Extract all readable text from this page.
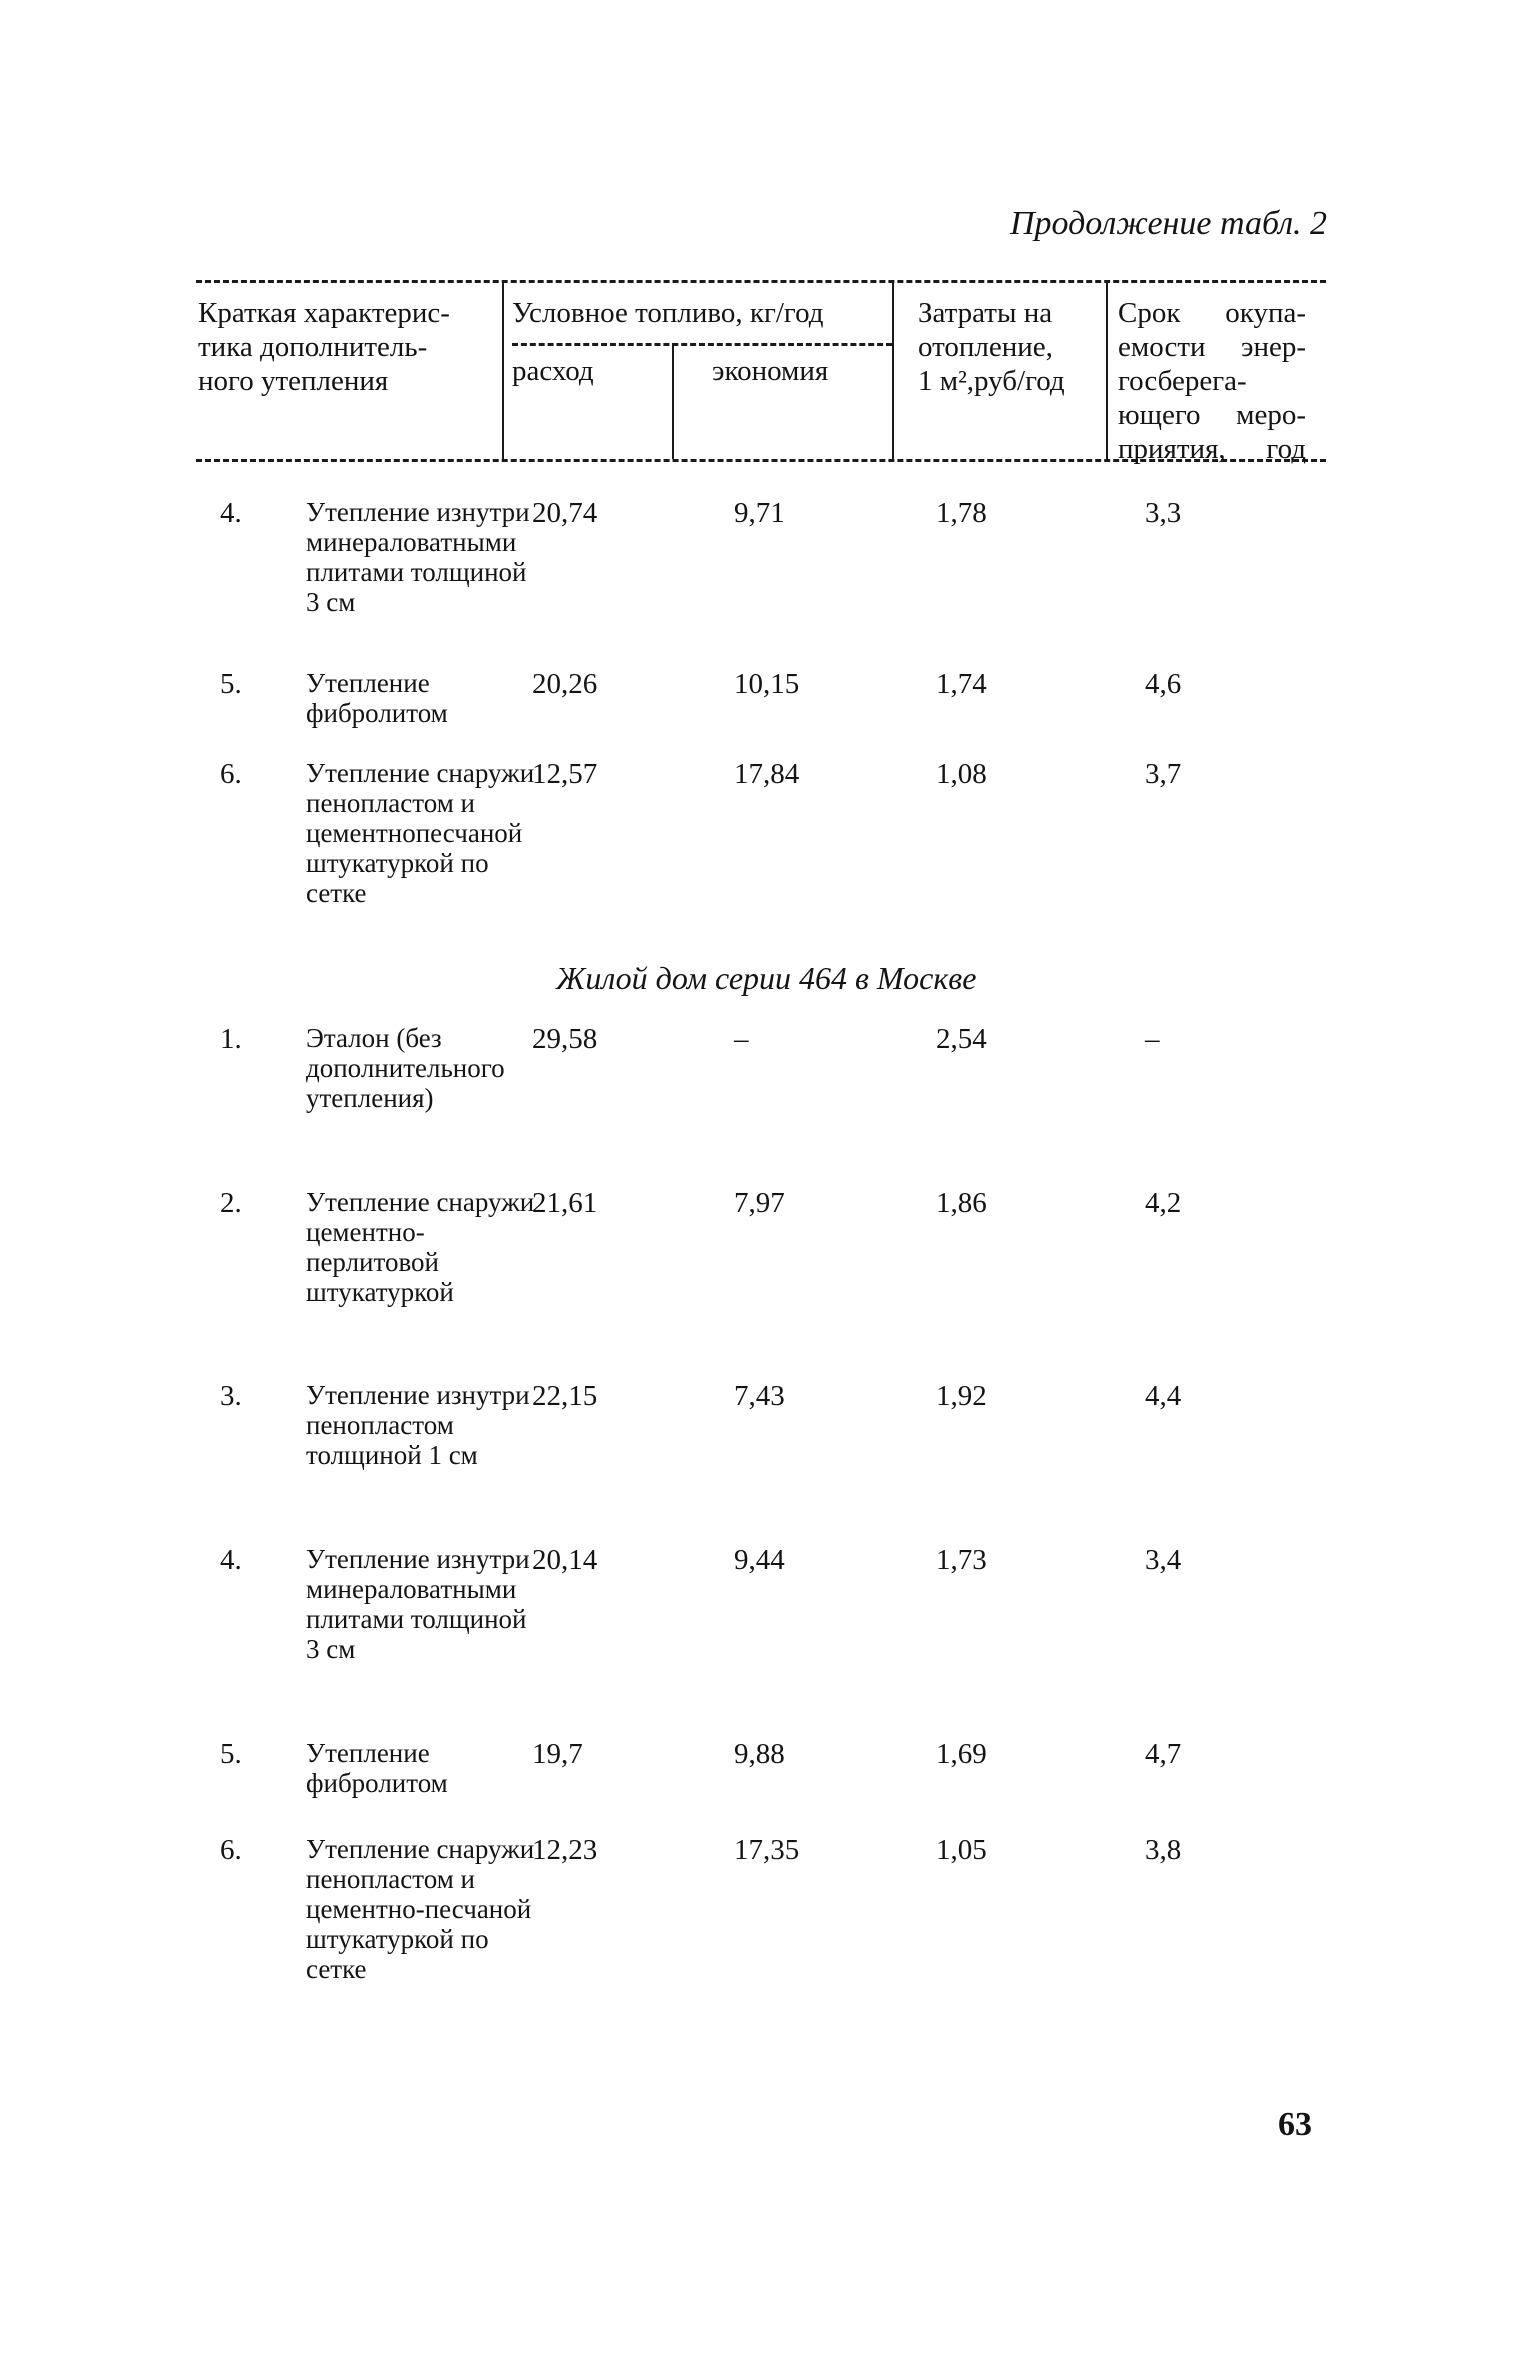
Продолжение табл. 2
Краткая характерис-
тика дополнитель-
ного утепления
Условное топливо, кг/год
расход	экономия
Затраты на
отопление,
1 м²,руб/год
Срок окупа-
емости энер-
госберега-
ющего меро-
приятия, год
4. Утепление изнутри минераловатными плитами толщиной 3 см
20,74	9,71	1,78	3,3
5. Утепление фибролитом
20,26	10,15	1,74	4,6
6. Утепление снаружи пенопластом и цементнопесчаной штукатуркой по сетке
12,57	17,84	1,08	3,7
Жилой дом серии 464 в Москве
1. Эталон (без дополнительного утепления)
29,58	–	2,54	–
2. Утепление снаружи цементно-перлитовой штукатуркой
21,61	7,97	1,86	4,2
3. Утепление изнутри пенопластом толщиной 1 см
22,15	7,43	1,92	4,4
4. Утепление изнутри минераловатными плитами толщиной 3 см
20,14	9,44	1,73	3,4
5. Утепление фибролитом
19,7	9,88	1,69	4,7
6. Утепление снаружи пенопластом и цементно-песчаной штукатуркой по сетке
12,23	17,35	1,05	3,8
63
